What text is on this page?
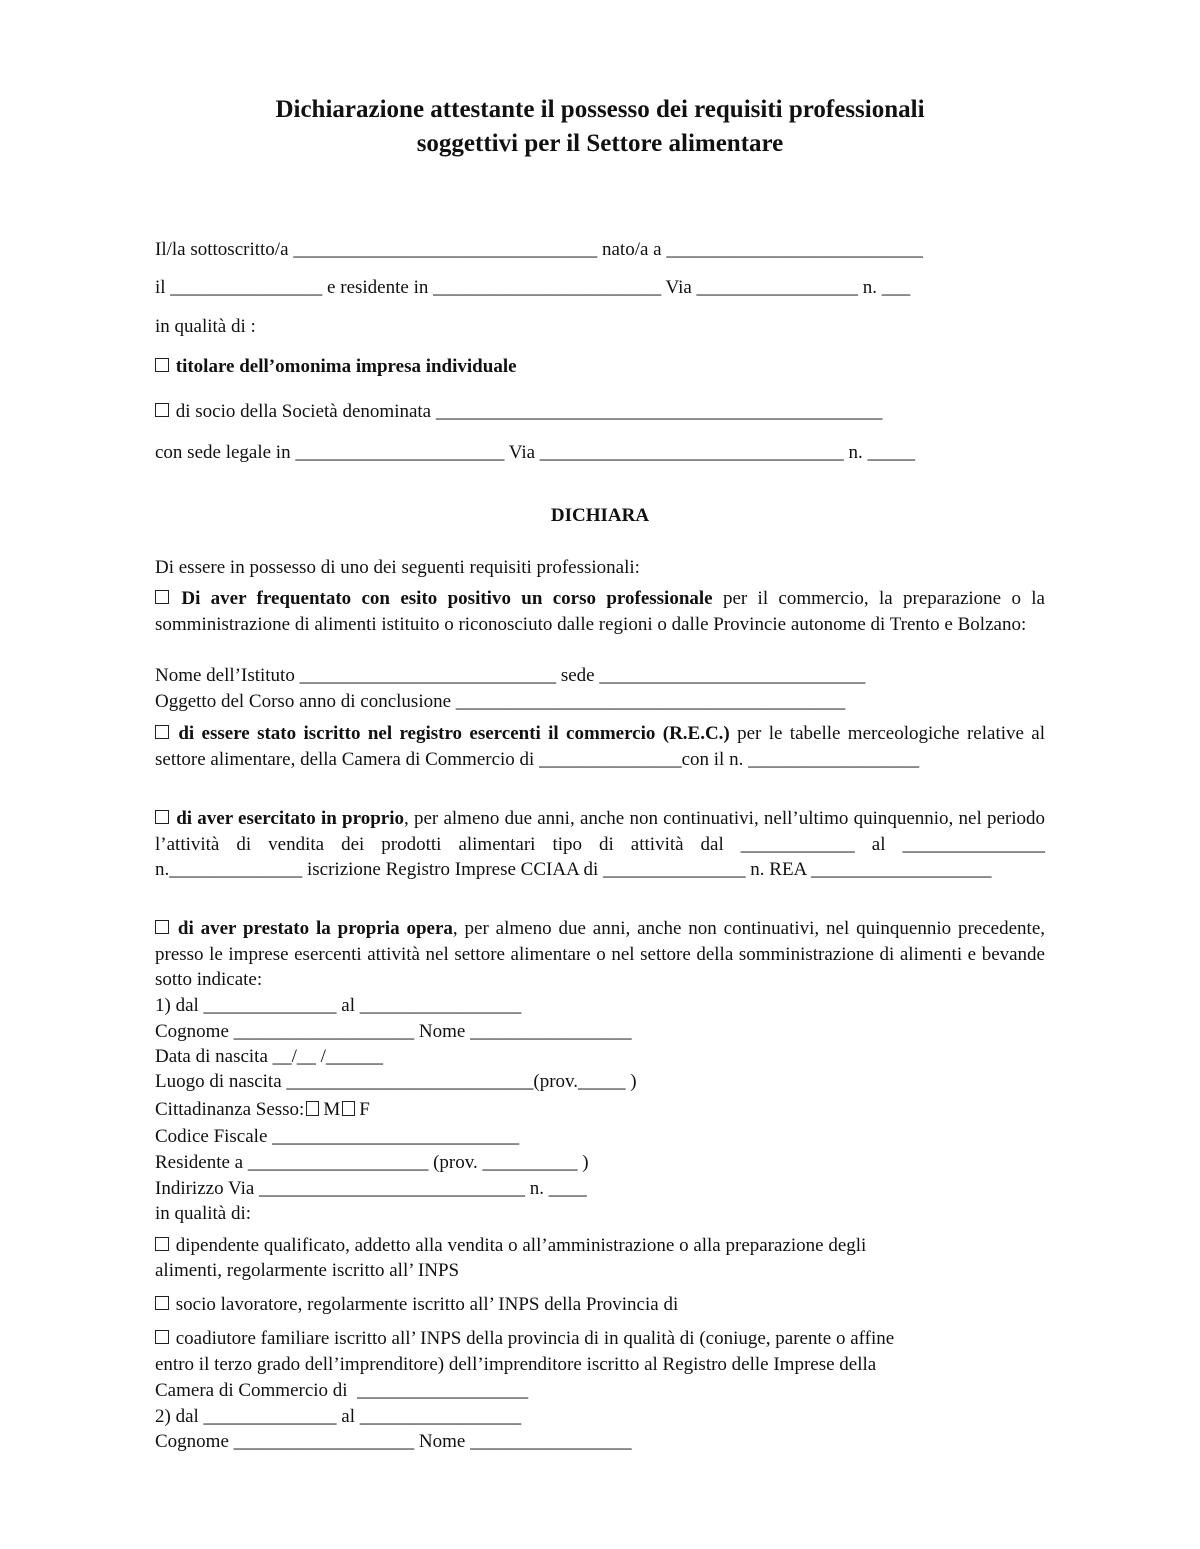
Dichiarazione attestante il possesso dei requisiti professionali
soggettivi per il Settore alimentare
Il/la sottoscritto/a ________________________________ nato/a a ___________________________
il ________________ e residente in ________________________ Via _________________ n. ___
in qualità di :
titolare dell’omonima impresa individuale
di socio della Società denominata _______________________________________________
con sede legale in ______________________ Via ________________________________ n. _____
DICHIARA
Di essere in possesso di uno dei seguenti requisiti professionali:
Di aver frequentato con esito positivo un corso professionale per il commercio, la preparazione o la somministrazione di alimenti istituito o riconosciuto dalle regioni o dalle Provincie autonome di Trento e Bolzano:
Nome dell’Istituto ___________________________ sede ____________________________
Oggetto del Corso anno di conclusione _________________________________________
di essere stato iscritto nel registro esercenti il commercio (R.E.C.) per le tabelle merceologiche relative al settore alimentare, della Camera di Commercio di _______________con il n. __________________
di aver esercitato in proprio, per almeno due anni, anche non continuativi, nell’ultimo quinquennio, nel periodo l’attività di vendita dei prodotti alimentari tipo di attività dal ____________ al _______________ n.______________ iscrizione Registro Imprese CCIAA di _______________ n. REA ___________________
di aver prestato la propria opera, per almeno due anni, anche non continuativi, nel quinquennio precedente, presso le imprese esercenti attività nel settore alimentare o nel settore della somministrazione di alimenti e bevande sotto indicate:
1) dal ______________ al _________________
Cognome ___________________ Nome _________________
Data di nascita __/__ /______
Luogo di nascita __________________________(prov._____ )
Cittadinanza Sesso: M F
Codice Fiscale __________________________
Residente a ___________________ (prov. __________ )
Indirizzo Via ____________________________ n. ____
in qualità di:
dipendente qualificato, addetto alla vendita o all’amministrazione o alla preparazione degli
alimenti, regolarmente iscritto all’ INPS
socio lavoratore, regolarmente iscritto all’ INPS della Provincia di
coadiutore familiare iscritto all’ INPS della provincia di in qualità di (coniuge, parente o affine
entro il terzo grado dell’imprenditore) dell’imprenditore iscritto al Registro delle Imprese della
Camera di Commercio di  __________________
2) dal ______________ al _________________
Cognome ___________________ Nome _________________
